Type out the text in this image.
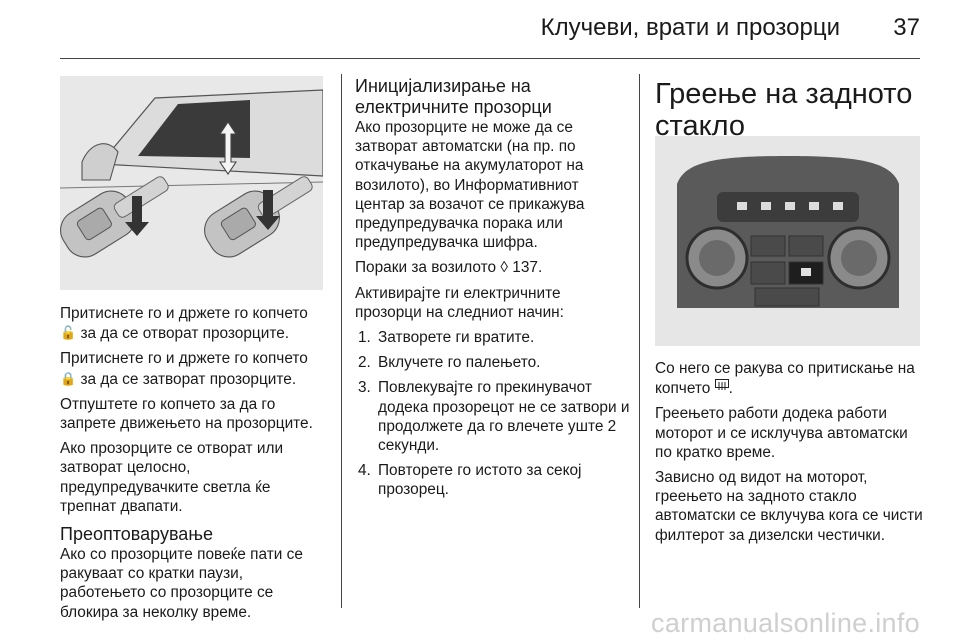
Клучеви, врати и прозорци 37

Притиснете го и држете го копчето 🔓 за да се отворат прозорците.

Притиснете го и држете го копчето 🔒 за да се затворат прозорците.

Отпуштете го копчето за да го запрете движењето на прозорците.

Ако прозорците се отворат или затворат целосно, предупредувачките светла ќе трепнат двапати.

Преоптоварување

Ако со прозорците повеќе пати се ракуваат со кратки паузи, работењето со прозорците се блокира за неколку време.

Иницијализирање на електричните прозорци

Ако прозорците не може да се затворат автоматски (на пр. по откачување на акумулаторот на возилото), во Информативниот центар за возачот се прикажува предупредувачка порака или предупредувачка шифра.

Пораки за возилото ◊ 137.

Активирајте ги електричните прозорци на следниот начин:

1. Затворете ги вратите.
2. Вклучете го палењето.
3. Повлекувајте го прекинувачот додека прозорецот не се затвори и продолжете да го влечете уште 2 секунди.
4. Повторете го истото за секој прозорец.
Греење на задното стакло

Со него се ракува со притискање на копчето .

Греењето работи додека работи моторот и се исклучува автоматски по кратко време.

Зависно од видот на моторот, греењето на задното стакло автоматски се вклучува кога се чисти филтерот за дизелски честички.

carmanualsonline.info
